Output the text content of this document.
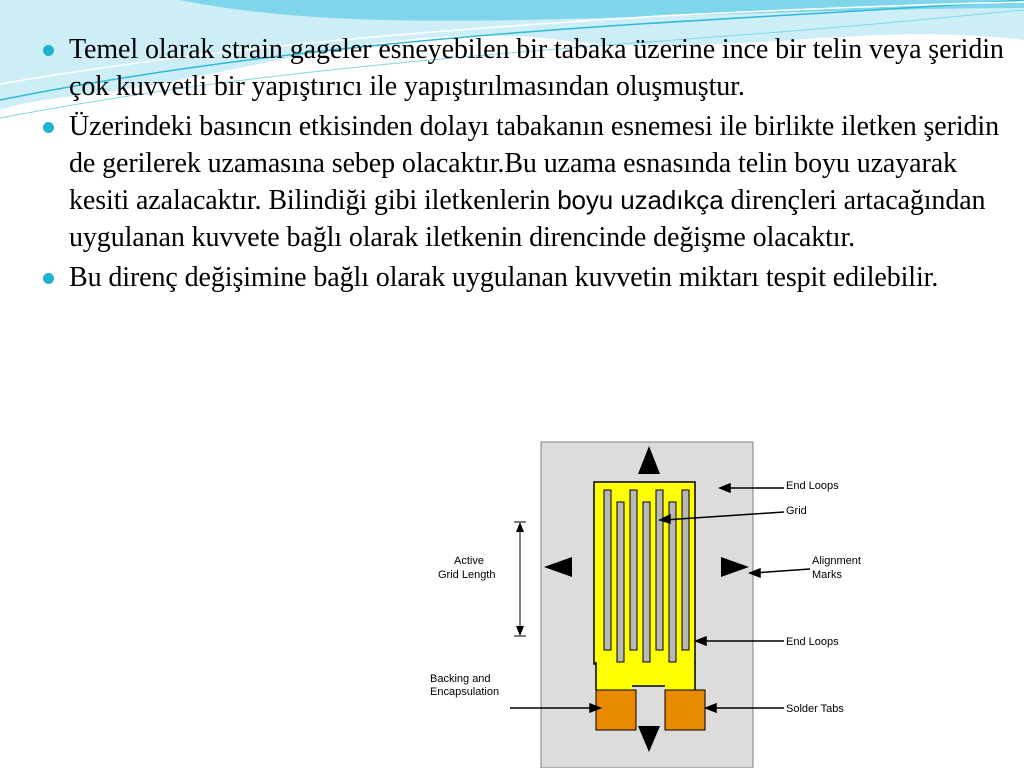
Temel olarak strain gageler esneyebilen bir tabaka üzerine ince bir telin veya şeridin çok kuvvetli bir yapıştırıcı ile yapıştırılmasından oluşmuştur.
Üzerindeki basıncın etkisinden dolayı tabakanın esnemesi ile birlikte iletken şeridin de gerilerek uzamasına sebep olacaktır.Bu uzama esnasında telin boyu uzayarak kesiti azalacaktır. Bilindiği gibi iletkenlerin boyu uzadıkça dirençleri artacağından uygulanan kuvvete bağlı olarak iletkenin direncinde değişme olacaktır.
Bu direnç değişimine bağlı olarak uygulanan kuvvetin miktarı tespit edilebilir.
End Loops
Grid
Active
Grid Length
Alignment
Marks
End Loops
Backing and
Encapsulation
Solder Tabs
